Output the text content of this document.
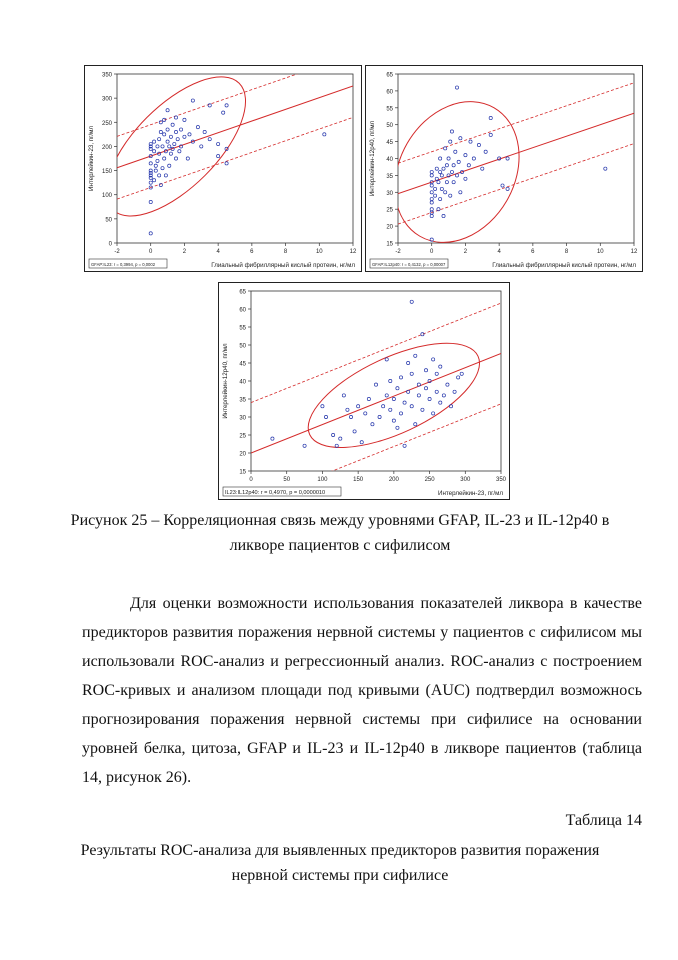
0
50
100
150
200
250
300
350
-2	0	2	4	6	8	10	12
Интерлейкин-23, пг/мл
Глиальный фибриллярный кислый протеин, нг/мл
GFAP:IL23: r = 0,3994, p = 0,0002
15
20
25
30
35
40
45
50
55
60
65
-2	0	2	4	6	8	10	12
Интерлейкин-12p40, пг/мл
Глиальный фибриллярный кислый протеин, нг/мл
GFAP:IL12p40: r = 0,4132, p = 0,00007
15
20
25
30
35
40
45
50
55
60
65
0	50	100	150	200	250	300	350
Интерлейкин-12p40, пг/мл
Интерлейкин-23, пг/мл
IL23:IL12p40: r = 0,4970, p = 0,0000010
Рисунок 25 – Корреляционная связь между уровнями GFAP, IL-23 и IL-12p40 в
ликворе пациентов с сифилисом

Для оценки возможности использования показателей ликвора в качестве предикторов развития поражения нервной системы у пациентов с сифилисом мы использовали ROC-анализ и регрессионный анализ. ROC-анализ с построением ROC-кривых и анализом площади под кривыми (AUC) подтвердил возможнось прогнозирования поражения нервной системы при сифилисе на основании уровней белка, цитоза, GFAP и IL-23 и IL-12p40 в ликворе пациентов (таблица 14, рисунок 26).

Таблица 14
Результаты ROC-анализа для выявленных предикторов развития поражения
нервной системы при сифилисе
